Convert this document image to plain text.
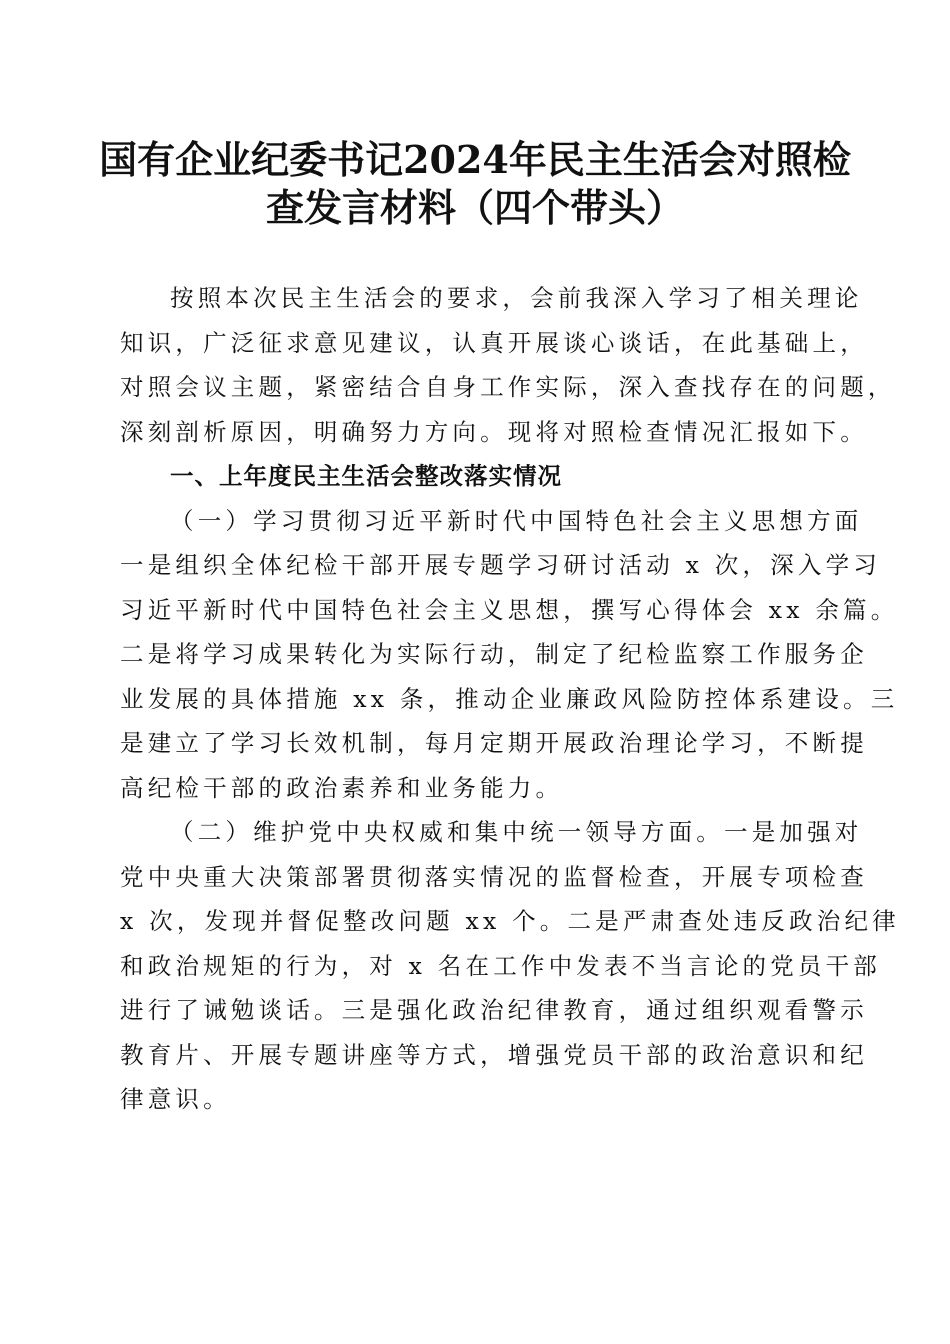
国有企业纪委书记2024年民主生活会对照检
查发言材料（四个带头）
按照本次民主生活会的要求，会前我深入学习了相关理论
知识，广泛征求意见建议，认真开展谈心谈话，在此基础上，
对照会议主题，紧密结合自身工作实际，深入查找存在的问题，
深刻剖析原因，明确努力方向。现将对照检查情况汇报如下。
一、上年度民主生活会整改落实情况
（一）学习贯彻习近平新时代中国特色社会主义思想方面
一是组织全体纪检干部开展专题学习研讨活动 x 次，深入学习
习近平新时代中国特色社会主义思想，撰写心得体会 xx 余篇。
二是将学习成果转化为实际行动，制定了纪检监察工作服务企
业发展的具体措施 xx 条，推动企业廉政风险防控体系建设。三
是建立了学习长效机制，每月定期开展政治理论学习，不断提
高纪检干部的政治素养和业务能力。
（二）维护党中央权威和集中统一领导方面。一是加强对
党中央重大决策部署贯彻落实情况的监督检查，开展专项检查
x 次，发现并督促整改问题 xx 个。二是严肃查处违反政治纪律
和政治规矩的行为，对 x 名在工作中发表不当言论的党员干部
进行了诫勉谈话。三是强化政治纪律教育，通过组织观看警示
教育片、开展专题讲座等方式，增强党员干部的政治意识和纪
律意识。
